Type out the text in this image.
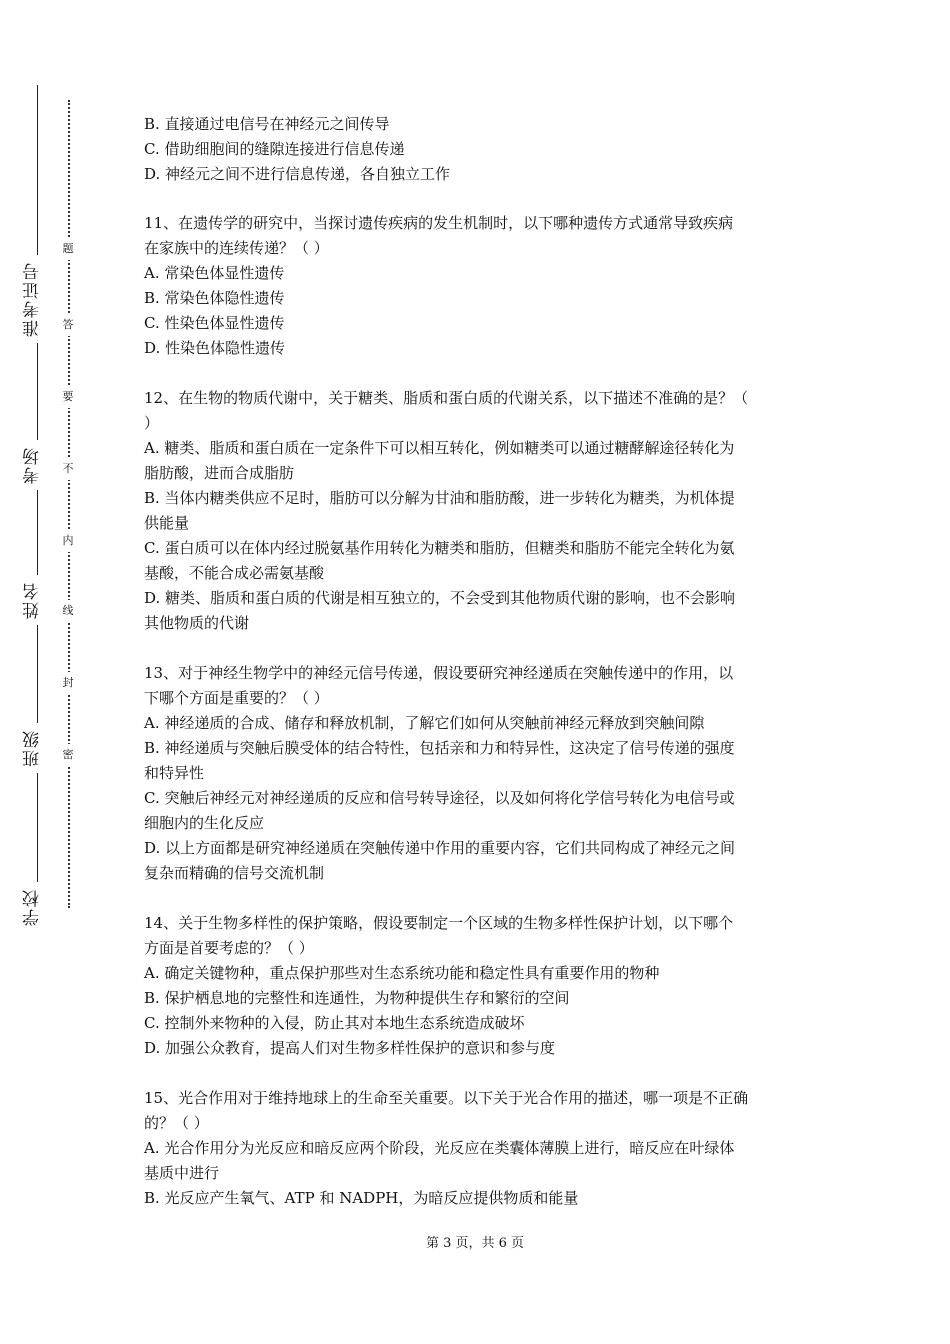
准考证号
考场
姓名
班级
学校
题
答
要
不
内
线
封
密
B. 直接通过电信号在神经元之间传导
C. 借助细胞间的缝隙连接进行信息传递
D. 神经元之间不进行信息传递，各自独立工作
11、在遗传学的研究中，当探讨遗传疾病的发生机制时，以下哪种遗传方式通常导致疾病
在家族中的连续传递？（ ）
A. 常染色体显性遗传
B. 常染色体隐性遗传
C. 性染色体显性遗传
D. 性染色体隐性遗传
12、在生物的物质代谢中，关于糖类、脂质和蛋白质的代谢关系，以下描述不准确的是？（
）
A. 糖类、脂质和蛋白质在一定条件下可以相互转化，例如糖类可以通过糖酵解途径转化为
脂肪酸，进而合成脂肪
B. 当体内糖类供应不足时，脂肪可以分解为甘油和脂肪酸，进一步转化为糖类，为机体提
供能量
C. 蛋白质可以在体内经过脱氨基作用转化为糖类和脂肪，但糖类和脂肪不能完全转化为氨
基酸，不能合成必需氨基酸
D. 糖类、脂质和蛋白质的代谢是相互独立的，不会受到其他物质代谢的影响，也不会影响
其他物质的代谢
13、对于神经生物学中的神经元信号传递，假设要研究神经递质在突触传递中的作用，以
下哪个方面是重要的？（ ）
A. 神经递质的合成、储存和释放机制，了解它们如何从突触前神经元释放到突触间隙
B. 神经递质与突触后膜受体的结合特性，包括亲和力和特异性，这决定了信号传递的强度
和特异性
C. 突触后神经元对神经递质的反应和信号转导途径，以及如何将化学信号转化为电信号或
细胞内的生化反应
D. 以上方面都是研究神经递质在突触传递中作用的重要内容，它们共同构成了神经元之间
复杂而精确的信号交流机制
14、关于生物多样性的保护策略，假设要制定一个区域的生物多样性保护计划，以下哪个
方面是首要考虑的？（ ）
A. 确定关键物种，重点保护那些对生态系统功能和稳定性具有重要作用的物种
B. 保护栖息地的完整性和连通性，为物种提供生存和繁衍的空间
C. 控制外来物种的入侵，防止其对本地生态系统造成破坏
D. 加强公众教育，提高人们对生物多样性保护的意识和参与度
15、光合作用对于维持地球上的生命至关重要。以下关于光合作用的描述，哪一项是不正确
的？（ ）
A. 光合作用分为光反应和暗反应两个阶段，光反应在类囊体薄膜上进行，暗反应在叶绿体
基质中进行
B. 光反应产生氧气、ATP 和 NADPH，为暗反应提供物质和能量
第 3 页，共 6 页
